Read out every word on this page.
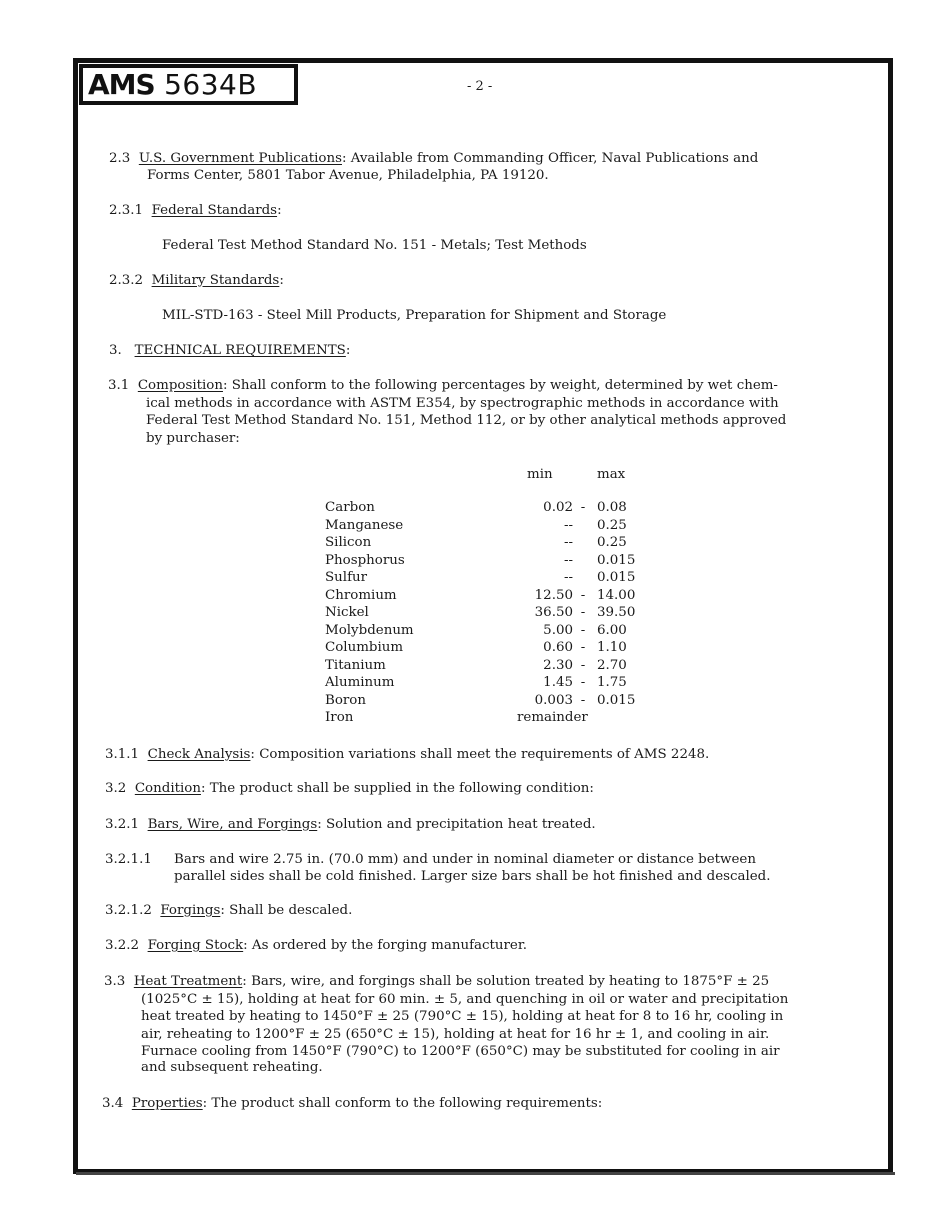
AMS 5634B	- 2 -
2.3 U.S. Government Publications: Available from Commanding Officer, Naval Publications and
Forms Center, 5801 Tabor Avenue, Philadelphia, PA 19120.
2.3.1 Federal Standards:
Federal Test Method Standard No. 151 - Metals; Test Methods
2.3.2 Military Standards:
MIL-STD-163 - Steel Mill Products, Preparation for Shipment and Storage
3. TECHNICAL REQUIREMENTS:
3.1 Composition: Shall conform to the following percentages by weight, determined by wet chem-
ical methods in accordance with ASTM E354, by spectrographic methods in accordance with
Federal Test Method Standard No. 151, Method 112, or by other analytical methods approved
by purchaser:
min	max
Carbon	0.02 - 0.08
Manganese	-- 0.25
Silicon	-- 0.25
Phosphorus	-- 0.015
Sulfur	-- 0.015
Chromium	12.50 - 14.00
Nickel	36.50 - 39.50
Molybdenum	5.00 - 6.00
Columbium	0.60 - 1.10
Titanium	2.30 - 2.70
Aluminum	1.45 - 1.75
Boron	0.003 - 0.015
Iron	remainder
3.1.1 Check Analysis: Composition variations shall meet the requirements of AMS 2248.
3.2 Condition: The product shall be supplied in the following condition:
3.2.1 Bars, Wire, and Forgings: Solution and precipitation heat treated.
3.2.1.1 Bars and wire 2.75 in. (70.0 mm) and under in nominal diameter or distance between
parallel sides shall be cold finished. Larger size bars shall be hot finished and descaled.
3.2.1.2 Forgings: Shall be descaled.
3.2.2 Forging Stock: As ordered by the forging manufacturer.
3.3 Heat Treatment: Bars, wire, and forgings shall be solution treated by heating to 1875°F ± 25
(1025°C ± 15), holding at heat for 60 min. ± 5, and quenching in oil or water and precipitation
heat treated by heating to 1450°F ± 25 (790°C ± 15), holding at heat for 8 to 16 hr, cooling in
air, reheating to 1200°F ± 25 (650°C ± 15), holding at heat for 16 hr ± 1, and cooling in air.
Furnace cooling from 1450°F (790°C) to 1200°F (650°C) may be substituted for cooling in air
and subsequent reheating.
3.4 Properties: The product shall conform to the following requirements:
